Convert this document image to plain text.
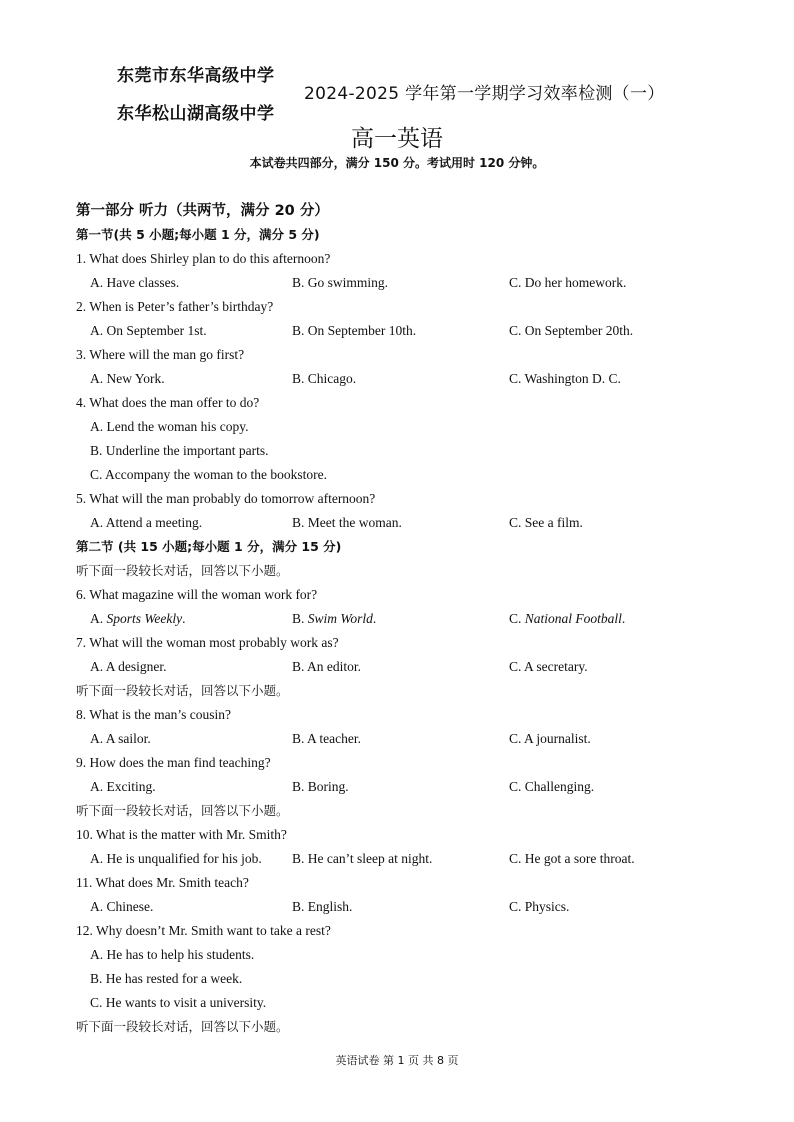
东莞市东华高级中学
东华松山湖高级中学
2024-2025 学年第一学期学习效率检测（一）
高一英语
本试卷共四部分，满分 150 分。考试用时 120 分钟。
第一部分 听力（共两节，满分 20 分）
第一节(共 5 小题;每小题 1 分，满分 5 分)
1. What does Shirley plan to do this afternoon?
A. Have classes.	B. Go swimming.	C. Do her homework.
2. When is Peter’s father’s birthday?
A. On September 1st.	B. On September 10th.	C. On September 20th.
3. Where will the man go first?
A. New York.	B. Chicago.	C. Washington D. C.
4. What does the man offer to do?
A. Lend the woman his copy.
B. Underline the important parts.
C. Accompany the woman to the bookstore.
5. What will the man probably do tomorrow afternoon?
A. Attend a meeting.	B. Meet the woman.	C. See a film.
第二节 (共 15 小题;每小题 1 分，满分 15 分)
听下面一段较长对话，回答以下小题。
6. What magazine will the woman work for?
A. Sports Weekly.	B. Swim World.	C. National Football.
7. What will the woman most probably work as?
A. A designer.	B. An editor.	C. A secretary.
听下面一段较长对话，回答以下小题。
8. What is the man’s cousin?
A. A sailor.	B. A teacher.	C. A journalist.
9. How does the man find teaching?
A. Exciting.	B. Boring.	C. Challenging.
听下面一段较长对话，回答以下小题。
10. What is the matter with Mr. Smith?
A. He is unqualified for his job. B. He can’t sleep at night.	C. He got a sore throat.
11. What does Mr. Smith teach?
A. Chinese.	B. English.	C. Physics.
12. Why doesn’t Mr. Smith want to take a rest?
A. He has to help his students.
B. He has rested for a week.
C. He wants to visit a university.
听下面一段较长对话，回答以下小题。
英语试卷 第 1 页 共 8 页
